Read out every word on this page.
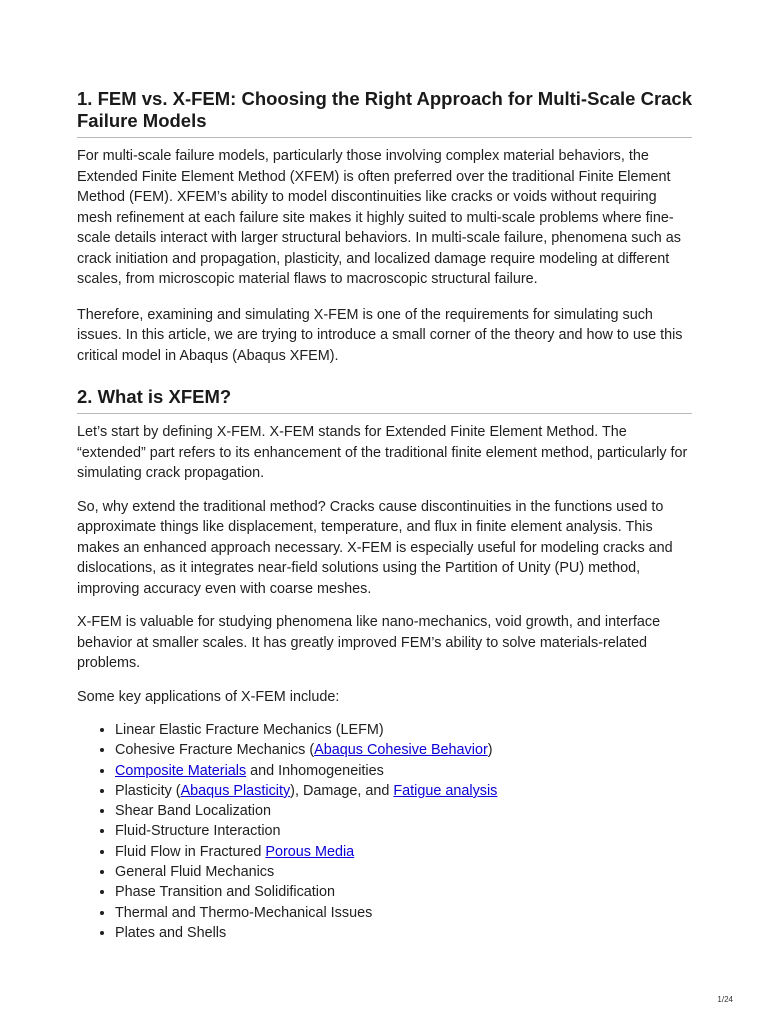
1. FEM vs. X-FEM: Choosing the Right Approach for Multi-Scale Crack Failure Models

For multi-scale failure models, particularly those involving complex material behaviors, the Extended Finite Element Method (XFEM) is often preferred over the traditional Finite Element Method (FEM). XFEM’s ability to model discontinuities like cracks or voids without requiring mesh refinement at each failure site makes it highly suited to multi-scale problems where fine-scale details interact with larger structural behaviors. In multi-scale failure, phenomena such as crack initiation and propagation, plasticity, and localized damage require modeling at different scales, from microscopic material flaws to macroscopic structural failure.

Therefore, examining and simulating X-FEM is one of the requirements for simulating such issues. In this article, we are trying to introduce a small corner of the theory and how to use this critical model in Abaqus (Abaqus XFEM).

2. What is XFEM?

Let’s start by defining X-FEM. X-FEM stands for Extended Finite Element Method. The “extended” part refers to its enhancement of the traditional finite element method, particularly for simulating crack propagation.

So, why extend the traditional method? Cracks cause discontinuities in the functions used to approximate things like displacement, temperature, and flux in finite element analysis. This makes an enhanced approach necessary. X-FEM is especially useful for modeling cracks and dislocations, as it integrates near-field solutions using the Partition of Unity (PU) method, improving accuracy even with coarse meshes.

X-FEM is valuable for studying phenomena like nano-mechanics, void growth, and interface behavior at smaller scales. It has greatly improved FEM’s ability to solve materials-related problems.

Some key applications of X-FEM include:

• Linear Elastic Fracture Mechanics (LEFM)
• Cohesive Fracture Mechanics (Abaqus Cohesive Behavior)
• Composite Materials and Inhomogeneities
• Plasticity (Abaqus Plasticity), Damage, and Fatigue analysis
• Shear Band Localization
• Fluid-Structure Interaction
• Fluid Flow in Fractured Porous Media
• General Fluid Mechanics
• Phase Transition and Solidification
• Thermal and Thermo-Mechanical Issues
• Plates and Shells
1/24
